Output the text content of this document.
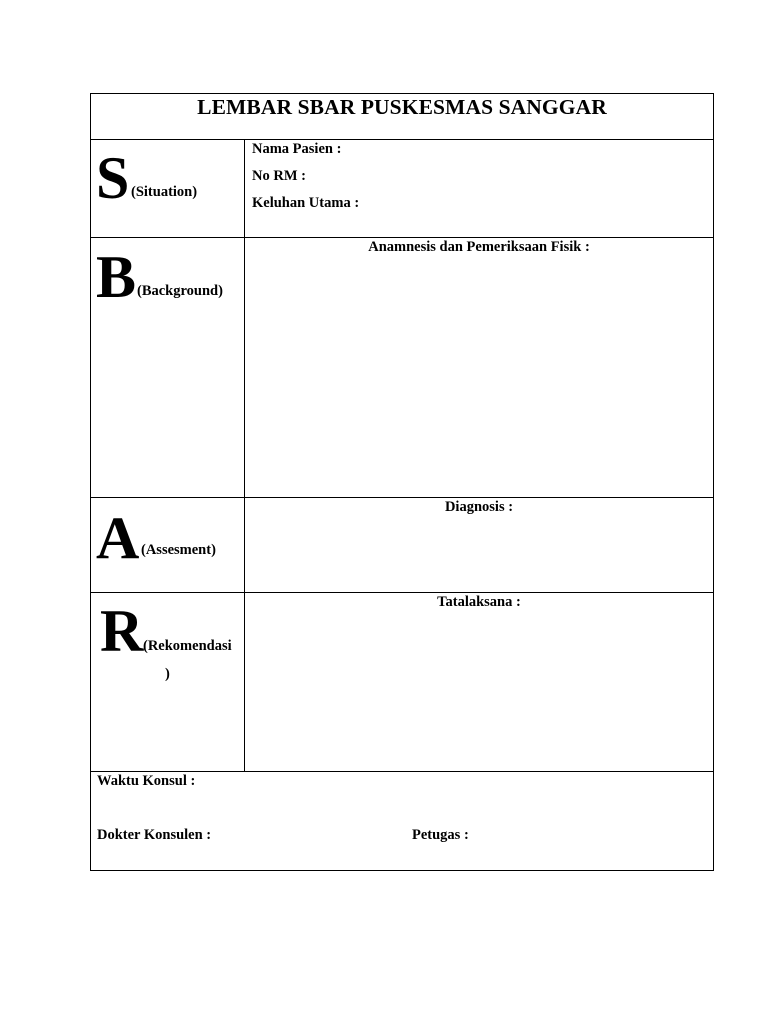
LEMBAR SBAR PUSKESMAS SANGGAR
S (Situation)
Nama Pasien :
No RM :
Keluhan Utama :
B (Background)
Anamnesis dan Pemeriksaan Fisik :
A (Assesment)
Diagnosis :
R (Rekomendasi
)
Tatalaksana :
Waktu Konsul :
Dokter Konsulen :	Petugas :
